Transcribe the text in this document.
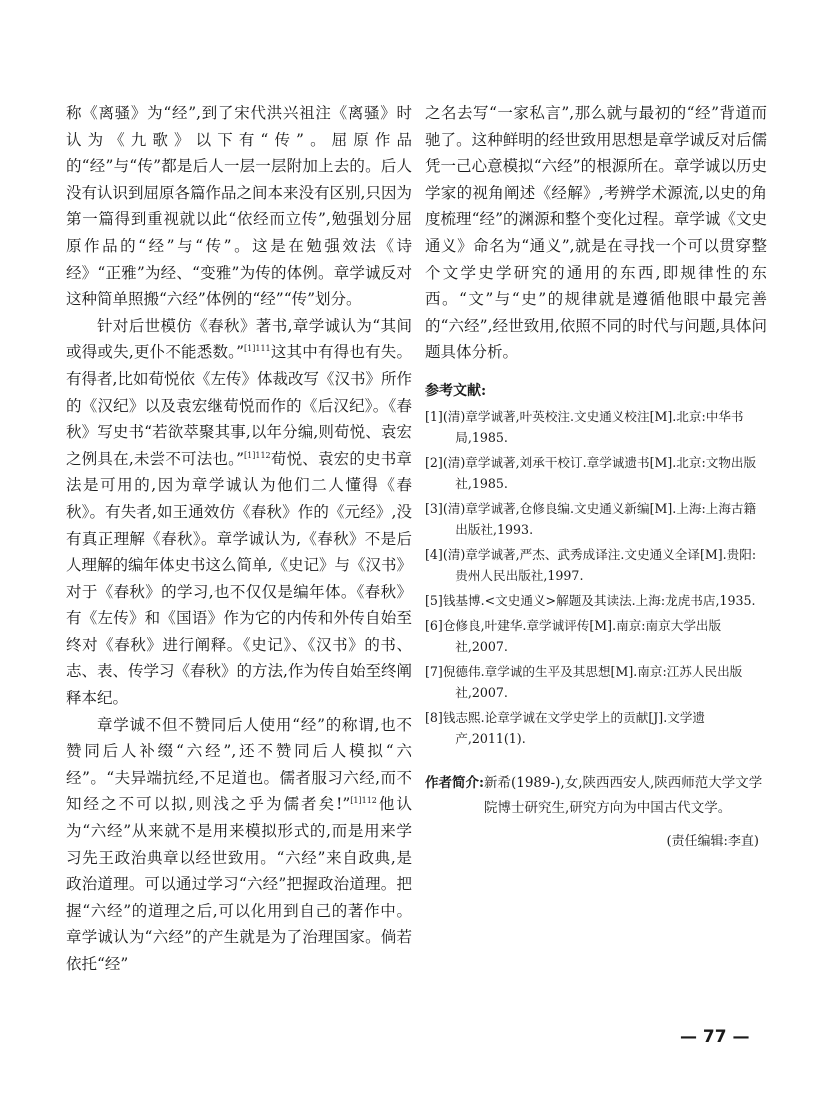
称《离骚》为“经”,到了宋代洪兴祖注《离骚》时认为《九歌》以下有“传”。屈原作品的“经”与“传”都是后人一层一层附加上去的。后人没有认识到屈原各篇作品之间本来没有区别,只因为第一篇得到重视就以此“依经而立传”,勉强划分屈原作品的“经”与“传”。这是在勉强效法《诗经》“正雅”为经、“变雅”为传的体例。章学诚反对这种简单照搬“六经”体例的“经”“传”划分。

针对后世模仿《春秋》著书,章学诚认为“其间或得或失,更仆不能悉数。”$^{[1]111}$这其中有得也有失。有得者,比如荀悦依《左传》体裁改写《汉书》所作的《汉纪》以及袁宏继荀悦而作的《后汉纪》。《春秋》写史书“若欲萃聚其事,以年分编,则荀悦、袁宏之例具在,未尝不可法也。”$^{[1]112}$荀悦、袁宏的史书章法是可用的,因为章学诚认为他们二人懂得《春秋》。有失者,如王通效仿《春秋》作的《元经》,没有真正理解《春秋》。章学诚认为,《春秋》不是后人理解的编年体史书这么简单,《史记》与《汉书》对于《春秋》的学习,也不仅仅是编年体。《春秋》有《左传》和《国语》作为它的内传和外传自始至终对《春秋》进行阐释。《史记》、《汉书》的书、志、表、传学习《春秋》的方法,作为传自始至终阐释本纪。

章学诚不但不赞同后人使用“经”的称谓,也不赞同后人补缀“六经”,还不赞同后人模拟“六经”。“夫异端抗经,不足道也。儒者服习六经,而不知经之不可以拟,则浅之乎为儒者矣!”$^{[1]112}$他认为“六经”从来就不是用来模拟形式的,而是用来学习先王政治典章以经世致用。“六经”来自政典,是政治道理。可以通过学习“六经”把握政治道理。把握“六经”的道理之后,可以化用到自己的著作中。章学诚认为“六经”的产生就是为了治理国家。倘若依托“经”

之名去写“一家私言”,那么就与最初的“经”背道而驰了。这种鲜明的经世致用思想是章学诚反对后儒凭一己心意模拟“六经”的根源所在。章学诚以历史学家的视角阐述《经解》,考辨学术源流,以史的角度梳理“经”的渊源和整个变化过程。章学诚《文史通义》命名为“通义”,就是在寻找一个可以贯穿整个文学史学研究的通用的东西,即规律性的东西。“文”与“史”的规律就是遵循他眼中最完善的“六经”,经世致用,依照不同的时代与问题,具体问题具体分析。

参考文献:
[1](清)章学诚著,叶英校注.文史通义校注[M].北京:中华书局,1985.
[2](清)章学诚著,刘承干校订.章学诚遗书[M].北京:文物出版社,1985.
[3](清)章学诚著,仓修良编.文史通义新编[M].上海:上海古籍出版社,1993.
[4](清)章学诚著,严杰、武秀成译注.文史通义全译[M].贵阳:贵州人民出版社,1997.
[5]钱基博.<文史通义>解题及其读法.上海:龙虎书店,1935.
[6]仓修良,叶建华.章学诚评传[M].南京:南京大学出版社,2007.
[7]倪德伟.章学诚的生平及其思想[M].南京:江苏人民出版社,2007.
[8]钱志熙.论章学诚在文学史学上的贡献[J].文学遗产,2011(1).
作者简介: 新希(1989-),女,陕西西安人,陕西师范大学文学院博士研究生,研究方向为中国古代文学。
(责任编辑:李直)
— 77 —
